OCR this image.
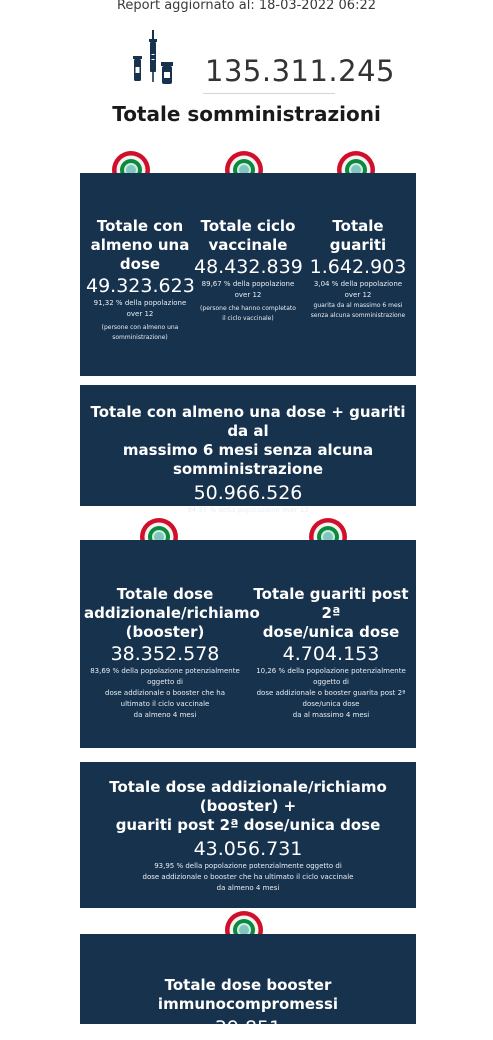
Report aggiornato al: 18-03-2022 06:22
135.311.245
Totale somministrazioni
Totale con
almeno una
dose
49.323.623
91,32 % della popolazione
over 12
(persone con almeno una
somministrazione)
Totale ciclo
vaccinale
48.432.839
89,67 % della popolazione
over 12
(persone che hanno completato
il ciclo vaccinale)
Totale guariti
1.642.903
3,04 % della popolazione
over 12
guarita da al massimo 6 mesi
senza alcuna somministrazione
Totale con almeno una dose + guariti da al
massimo 6 mesi senza alcuna somministrazione
50.966.526
94,37 % della popolazione over 12
Totale dose
addizionale/richiamo
(booster)
38.352.578
83,69 % della popolazione potenzialmente
oggetto di
dose addizionale o booster che ha
ultimato il ciclo vaccinale
da almeno 4 mesi
Totale guariti post 2ª
dose/unica dose
4.704.153
10,26 % della popolazione potenzialmente
oggetto di
dose addizionale o booster guarita post 2ª
dose/unica dose
da al massimo 4 mesi
Totale dose addizionale/richiamo (booster) +
guariti post 2ª dose/unica dose
43.056.731
93,95 % della popolazione potenzialmente oggetto di
dose addizionale o booster che ha ultimato il ciclo vaccinale
da almeno 4 mesi
Totale dose booster immunocompromessi
39.851
